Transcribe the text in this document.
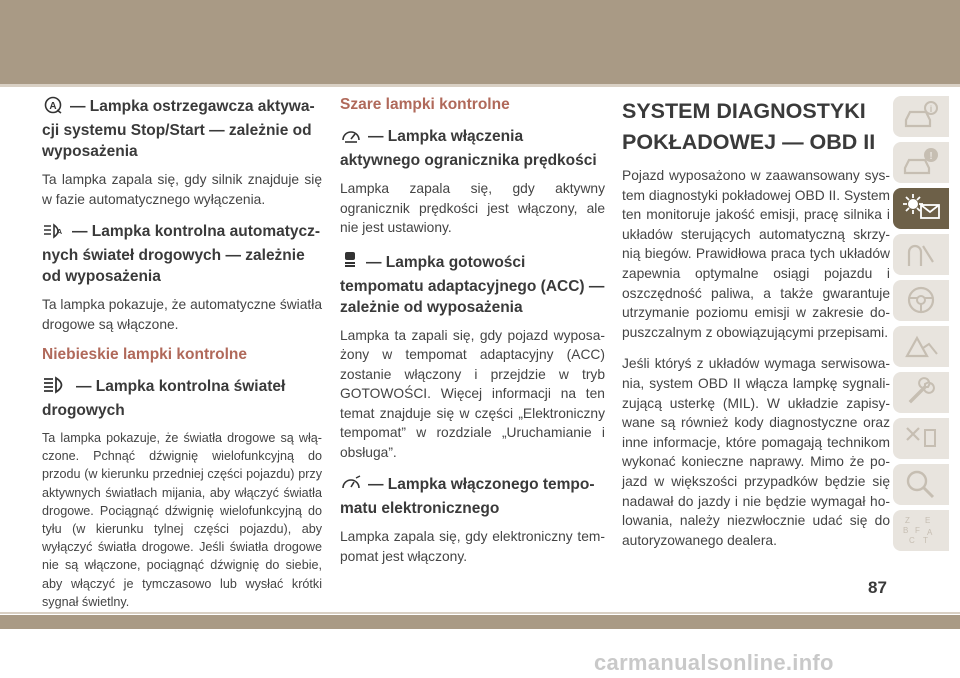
A — Lampka ostrzegawcza aktywacji systemu Stop/Start — zależnie od wyposażenia

Ta lampka zapala się, gdy silnik znajduje się w fazie automatycznego wyłączenia.

A — Lampka kontrolna automatycznych świateł drogowych — zależnie od wyposażenia

Ta lampka pokazuje, że automatyczne światła drogowe są włączone.

Niebieskie lampki kontrolne
— Lampka kontrolna świateł drogowych

Ta lampka pokazuje, że światła drogowe są włączone. Pchnąć dźwignię wielofunkcyjną do przodu (w kierunku przedniej części pojazdu) przy aktywnych światłach mijania, aby włączyć światła drogowe. Pociągnąć dźwignię wielofunkcyjną do tyłu (w kierunku tylnej części pojazdu), aby wyłączyć światła drogowe. Jeśli światła drogowe nie są włączone, pociągnąć dźwignię do siebie, aby włączyć je tymczasowo lub wysłać krótki sygnał świetlny.

Szare lampki kontrolne
— Lampka włączenia aktywnego ogranicznika prędkości

Lampka zapala się, gdy aktywny ogranicznik prędkości jest włączony, ale nie jest ustawiony.

— Lampka gotowości tempomatu adaptacyjnego (ACC) — zależnie od wyposażenia

Lampka ta zapali się, gdy pojazd wyposażony w tempomat adaptacyjny (ACC) zostanie włączony i przejdzie w tryb GOTOWOŚCI. Więcej informacji na ten temat znajduje się w części „Elektroniczny tempomat” w rozdziale „Uruchamianie i obsługa”.

— Lampka włączonego tempomatu elektronicznego

Lampka zapala się, gdy elektroniczny tempomat jest włączony.

SYSTEM DIAGNOSTYKI POKŁADOWEJ — OBD II

Pojazd wyposażono w zaawansowany system diagnostyki pokładowej OBD II. System ten monitoruje jakość emisji, pracę silnika i układów sterujących automatyczną skrzynią biegów. Prawidłowa praca tych układów zapewnia optymalne osiągi pojazdu i oszczędność paliwa, a także gwarantuje utrzymanie poziomu emisji w zakresie dopuszczalnym z obowiązującymi przepisami.

Jeśli któryś z układów wymaga serwisowania, system OBD II włącza lampkę sygnalizującą usterkę (MIL). W układzie zapisywane są również kody diagnostyczne oraz inne informacje, które pomagają technikom wykonać konieczne naprawy. Mimo że pojazd w większości przypadków będzie się nadawał do jazdy i nie będzie wymagał holowania, należy niezwłocznie udać się do autoryzowanego dealera.

i
!
Z E
B F A
C T
87
carmanualsonline.info
